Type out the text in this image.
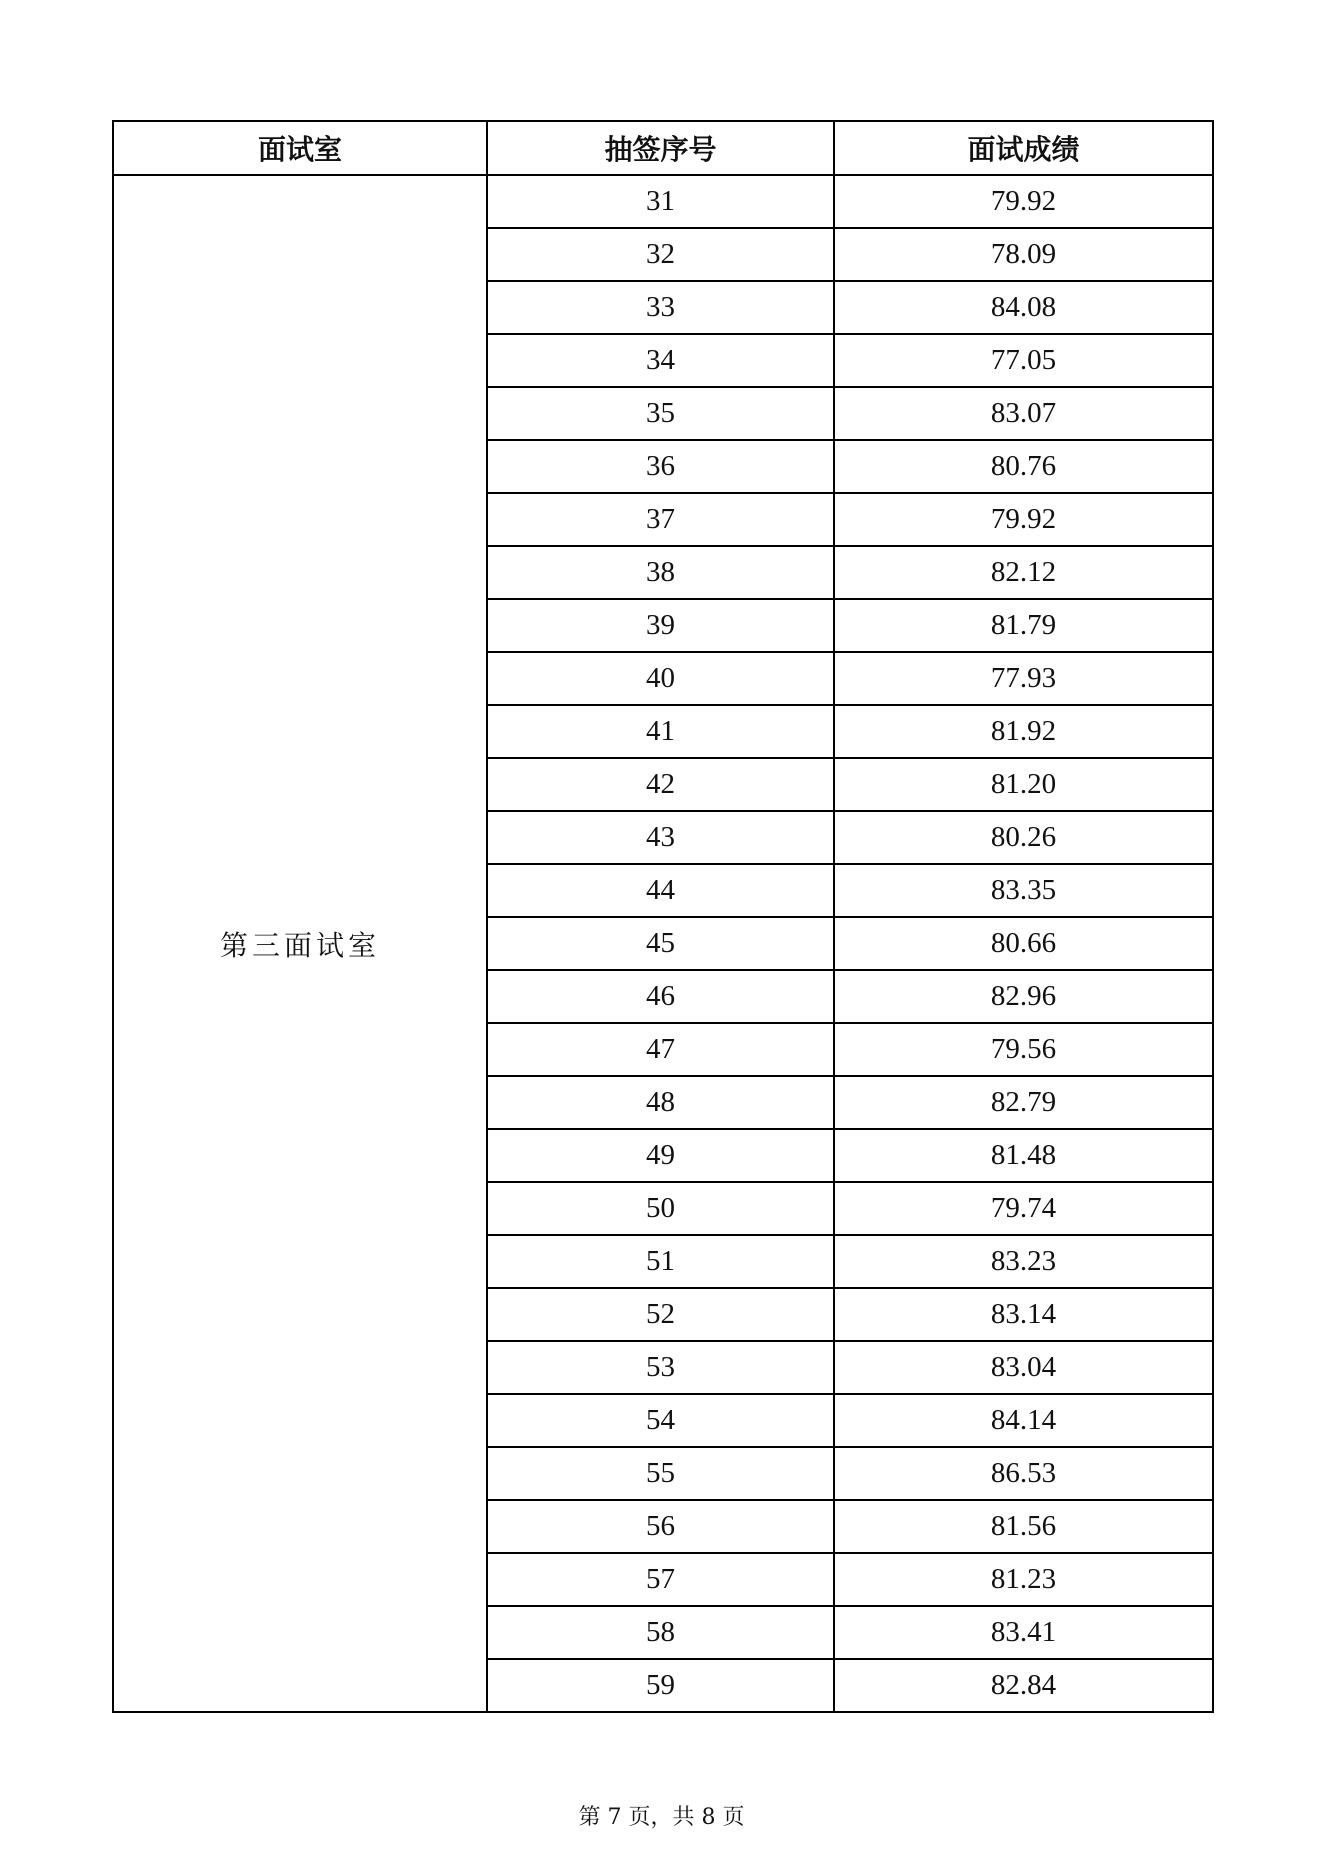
面试室	抽签序号	面试成绩
第三面试室	31	79.92
	32	78.09
	33	84.08
	34	77.05
	35	83.07
	36	80.76
	37	79.92
	38	82.12
	39	81.79
	40	77.93
	41	81.92
	42	81.20
	43	80.26
	44	83.35
	45	80.66
	46	82.96
	47	79.56
	48	82.79
	49	81.48
	50	79.74
	51	83.23
	52	83.14
	53	83.04
	54	84.14
	55	86.53
	56	81.56
	57	81.23
	58	83.41
	59	82.84
第 7 页，共 8 页
